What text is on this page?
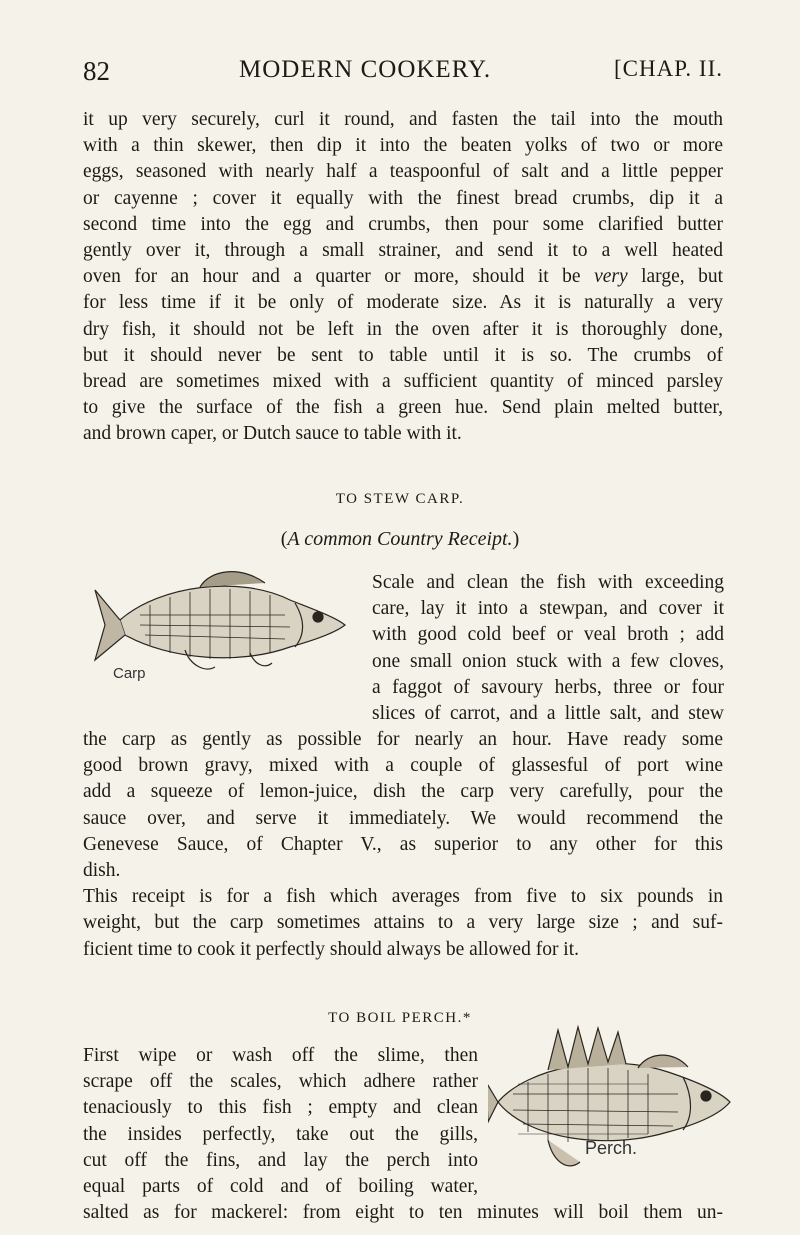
82	MODERN COOKERY.	[CHAP. II.
it up very securely, curl it round, and fasten the tail into the mouth
with a thin skewer, then dip it into the beaten yolks of two or more
eggs, seasoned with nearly half a teaspoonful of salt and a little pepper
or cayenne ; cover it equally with the finest bread crumbs, dip it a
second time into the egg and crumbs, then pour some clarified butter
gently over it, through a small strainer, and send it to a well heated
oven for an hour and a quarter or more, should it be very large, but
for less time if it be only of moderate size. As it is naturally a very
dry fish, it should not be left in the oven after it is thoroughly done,
but it should never be sent to table until it is so. The crumbs of
bread are sometimes mixed with a sufficient quantity of minced parsley
to give the surface of the fish a green hue. Send plain melted butter,
and brown caper, or Dutch sauce to table with it.
TO STEW CARP.
(A common Country Receipt.)
Carp
Scale and clean the fish with exceeding
care, lay it into a stewpan, and cover it
with good cold beef or veal broth ; add
one small onion stuck with a few cloves,
a faggot of savoury herbs, three or four
slices of carrot, and a little salt, and stew
the carp as gently as possible for nearly an hour. Have ready some
good brown gravy, mixed with a couple of glassesful of port wine
add a squeeze of lemon-juice, dish the carp very carefully, pour the
sauce over, and serve it immediately. We would recommend the
Genevese Sauce, of Chapter V., as superior to any other for this
dish.
This receipt is for a fish which averages from five to six pounds in
weight, but the carp sometimes attains to a very large size ; and suf-
ficient time to cook it perfectly should always be allowed for it.
TO BOIL PERCH.*
First wipe or wash off the slime, then
scrape off the scales, which adhere rather
tenaciously to this fish ; empty and clean
the insides perfectly, take out the gills,
cut off the fins, and lay the perch into
equal parts of cold and of boiling water,
Perch.
salted as for mackerel: from eight to ten minutes will boil them un-
